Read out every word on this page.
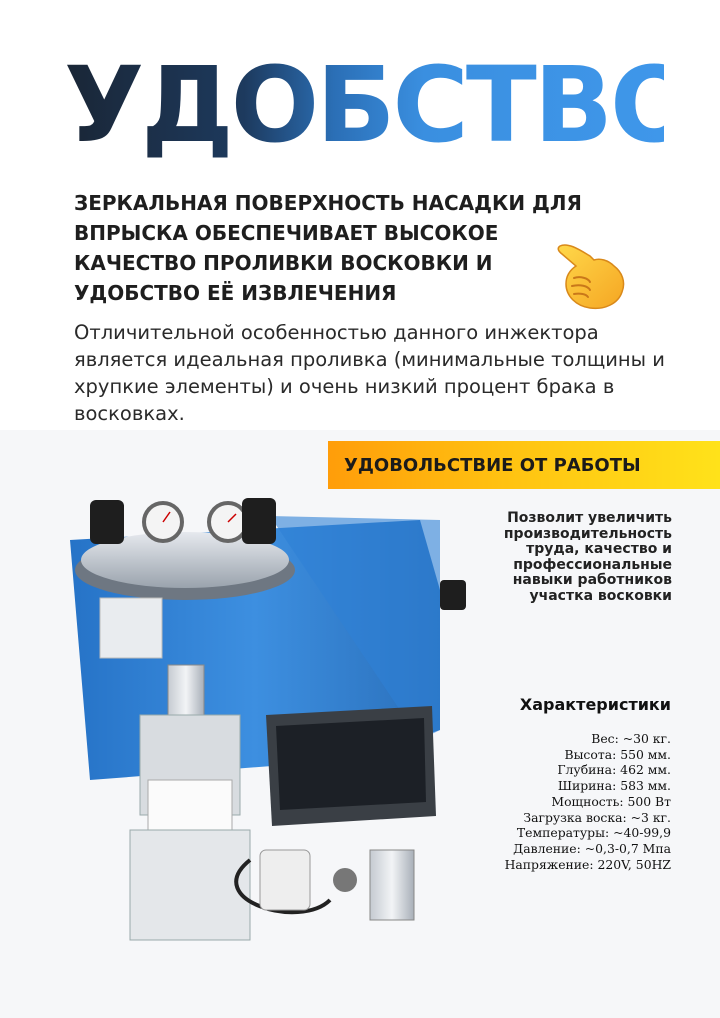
УДОБСТВО

ЗЕРКАЛЬНАЯ ПОВЕРХНОСТЬ НАСАДКИ ДЛЯ ВПРЫСКА ОБЕСПЕЧИВАЕТ ВЫСОКОЕ КАЧЕСТВО ПРОЛИВКИ ВОСКОВКИ И УДОБСТВО ЕЁ ИЗВЛЕЧЕНИЯ

Отличительной особенностью данного инжектора является идеальная проливка (минимальные толщины и хрупкие элементы) и очень низкий процент брака в восковках.

УДОВОЛЬСТВИЕ ОТ РАБОТЫ

Позволит увеличить производительность труда, качество и профессиональные навыки работников участка восковки

Характеристики
Вес: ~30 кг.
Высота: 550 мм.
Глубина: 462 мм.
Ширина: 583 мм.
Мощность: 500 Вт
Загрузка воска: ~3 кг.
Температуры: ~40-99,9
Давление: ~0,3-0,7 Мпа
Напряжение: 220V, 50HZ
